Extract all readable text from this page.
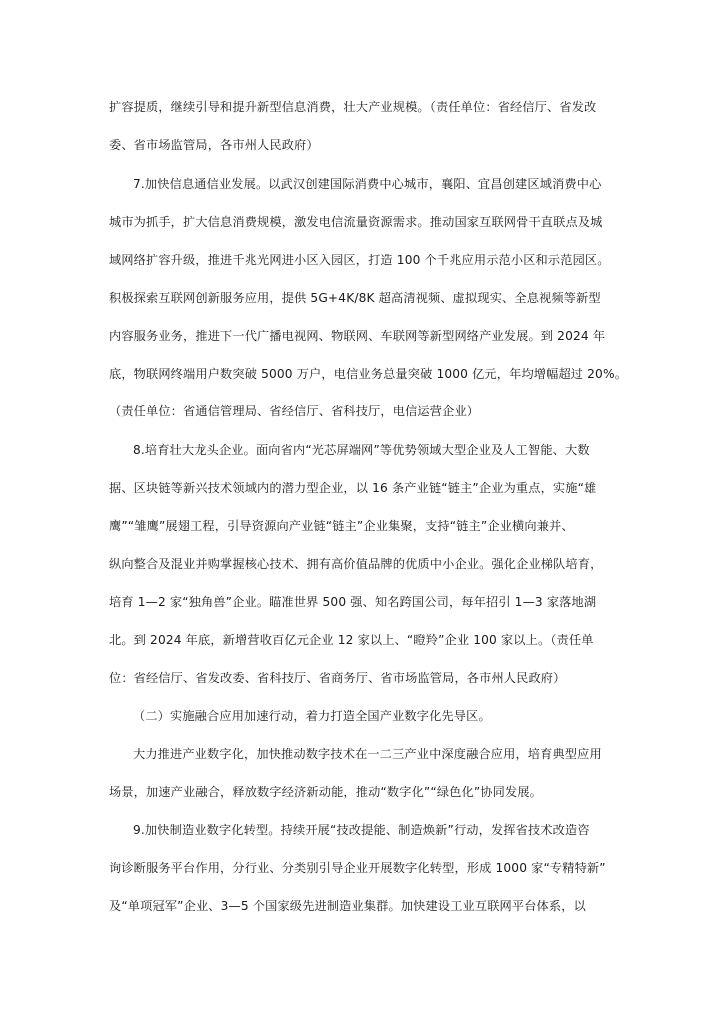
扩容提质，继续引导和提升新型信息消费，壮大产业规模。（责任单位：省经信厅、省发改
委、省市场监管局，各市州人民政府）
7.加快信息通信业发展。以武汉创建国际消费中心城市，襄阳、宜昌创建区域消费中心
城市为抓手，扩大信息消费规模，激发电信流量资源需求。推动国家互联网骨干直联点及城
域网络扩容升级，推进千兆光网进小区入园区，打造 100 个千兆应用示范小区和示范园区。
积极探索互联网创新服务应用，提供 5G+4K/8K 超高清视频、虚拟现实、全息视频等新型
内容服务业务，推进下一代广播电视网、物联网、车联网等新型网络产业发展。到 2024 年
底，物联网终端用户数突破 5000 万户，电信业务总量突破 1000 亿元，年均增幅超过 20%。
（责任单位：省通信管理局、省经信厅、省科技厅，电信运营企业）
8.培育壮大龙头企业。面向省内“光芯屏端网”等优势领域大型企业及人工智能、大数
据、区块链等新兴技术领域内的潜力型企业，以 16 条产业链“链主”企业为重点，实施“雄
鹰”“雏鹰”展翅工程，引导资源向产业链“链主”企业集聚，支持“链主”企业横向兼并、
纵向整合及混业并购掌握核心技术、拥有高价值品牌的优质中小企业。强化企业梯队培育，
培育 1—2 家“独角兽”企业。瞄准世界 500 强、知名跨国公司，每年招引 1—3 家落地湖
北。到 2024 年底，新增营收百亿元企业 12 家以上、“瞪羚”企业 100 家以上。（责任单
位：省经信厅、省发改委、省科技厅、省商务厅、省市场监管局，各市州人民政府）
（二）实施融合应用加速行动，着力打造全国产业数字化先导区。
大力推进产业数字化，加快推动数字技术在一二三产业中深度融合应用，培育典型应用
场景，加速产业融合，释放数字经济新动能，推动“数字化”“绿色化”协同发展。
9.加快制造业数字化转型。持续开展“技改提能、制造焕新”行动，发挥省技术改造咨
询诊断服务平台作用，分行业、分类别引导企业开展数字化转型，形成 1000 家“专精特新”
及“单项冠军”企业、3—5 个国家级先进制造业集群。加快建设工业互联网平台体系，以
